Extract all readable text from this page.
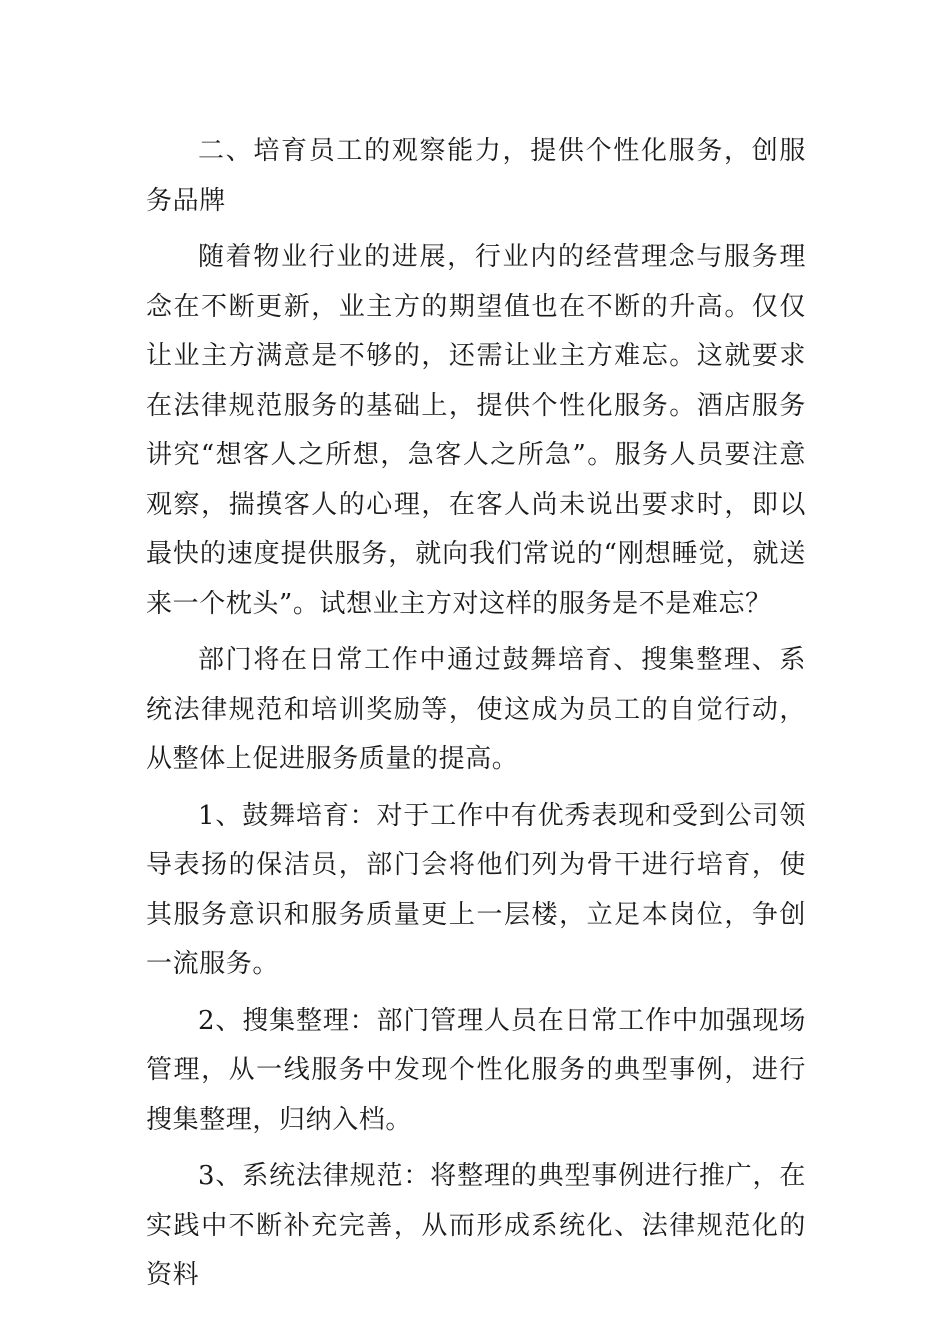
二、培育员工的观察能力，提供个性化服务，创服务品牌

随着物业行业的进展，行业内的经营理念与服务理念在不断更新，业主方的期望值也在不断的升高。仅仅让业主方满意是不够的，还需让业主方难忘。这就要求在法律规范服务的基础上，提供个性化服务。酒店服务讲究“想客人之所想，急客人之所急”。服务人员要注意观察，揣摸客人的心理，在客人尚未说出要求时，即以最快的速度提供服务，就向我们常说的“刚想睡觉，就送来一个枕头”。试想业主方对这样的服务是不是难忘？

部门将在日常工作中通过鼓舞培育、搜集整理、系统法律规范和培训奖励等，使这成为员工的自觉行动，从整体上促进服务质量的提高。

1、鼓舞培育：对于工作中有优秀表现和受到公司领导表扬的保洁员，部门会将他们列为骨干进行培育，使其服务意识和服务质量更上一层楼，立足本岗位，争创一流服务。

2、搜集整理：部门管理人员在日常工作中加强现场管理，从一线服务中发现个性化服务的典型事例，进行搜集整理，归纳入档。

3、系统法律规范：将整理的典型事例进行推广，在实践中不断补充完善，从而形成系统化、法律规范化的资料
